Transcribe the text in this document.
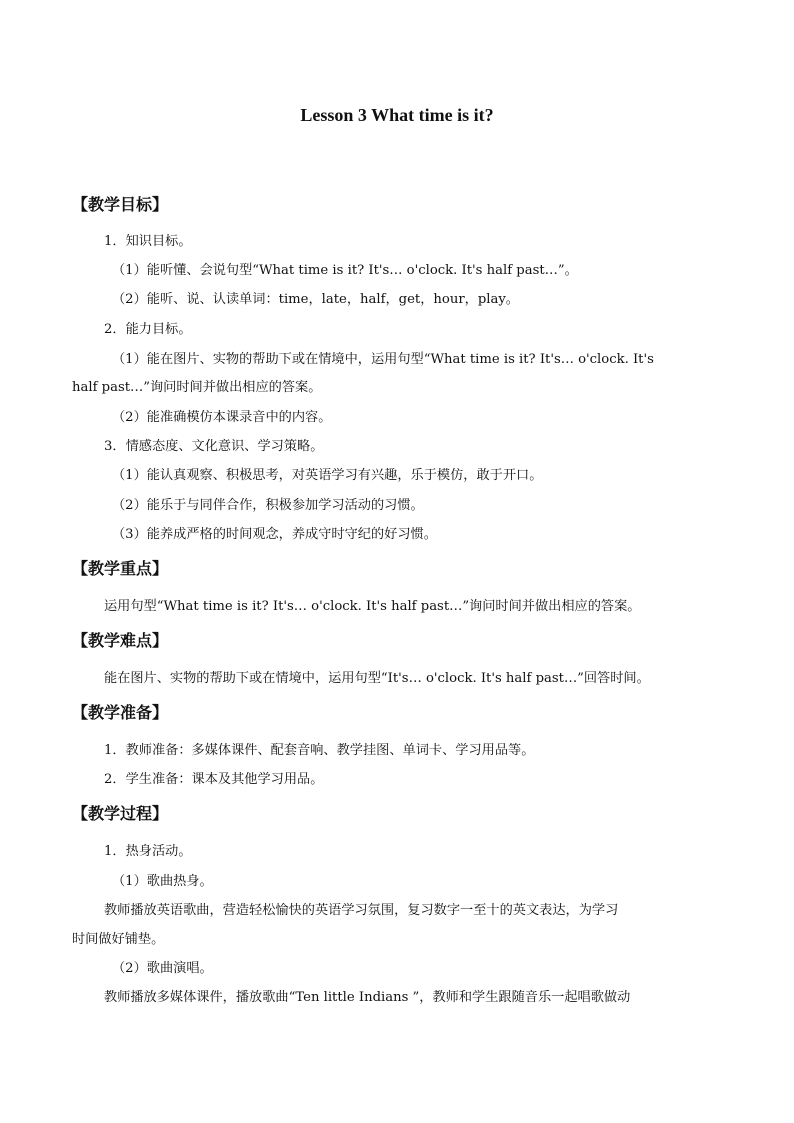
Lesson 3 What time is it?
【教学目标】
1．知识目标。
（1）能听懂、会说句型“What time is it? It's… o'clock. It's half past…”。
（2）能听、说、认读单词：time，late，half，get，hour，play。
2．能力目标。
（1）能在图片、实物的帮助下或在情境中，运用句型“What time is it? It's… o'clock. It's
half past…”询问时间并做出相应的答案。
（2）能准确模仿本课录音中的内容。
3．情感态度、文化意识、学习策略。
（1）能认真观察、积极思考，对英语学习有兴趣，乐于模仿，敢于开口。
（2）能乐于与同伴合作，积极参加学习活动的习惯。
（3）能养成严格的时间观念，养成守时守纪的好习惯。
【教学重点】
运用句型“What time is it? It's… o'clock. It's half past…”询问时间并做出相应的答案。
【教学难点】
能在图片、实物的帮助下或在情境中，运用句型“It's… o'clock. It's half past…”回答时间。
【教学准备】
1．教师准备：多媒体课件、配套音响、教学挂图、单词卡、学习用品等。
2．学生准备：课本及其他学习用品。
【教学过程】
1．热身活动。
（1）歌曲热身。
教师播放英语歌曲，营造轻松愉快的英语学习氛围，复习数字一至十的英文表达，为学习
时间做好铺垫。
（2）歌曲演唱。
教师播放多媒体课件，播放歌曲“Ten little Indians ”，教师和学生跟随音乐一起唱歌做动
